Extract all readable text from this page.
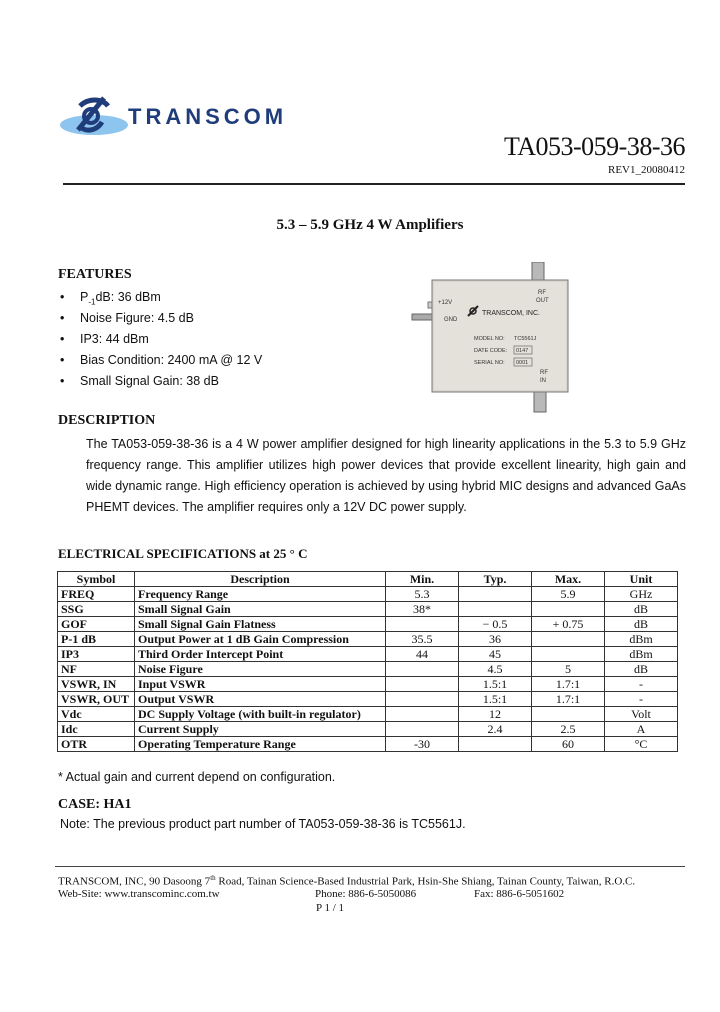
TRANSCOM
TA053-059-38-36
REV1_20080412
5.3 – 5.9 GHz 4 W Amplifiers
FEATURES
• $P_{-1}dB$: 36 dBm
• Noise Figure: 4.5 dB
• IP3: 44 dBm
• Bias Condition: 2400 mA @ 12 V
• Small Signal Gain: 38 dB
+12V
GND
RF
OUT
TRANSCOM, INC.
MODEL NO: TC5561J
DATE CODE: 0147
SERIAL NO: 0001
RF
IN
DESCRIPTION
The TA053-059-38-36 is a 4 W power amplifier designed for high linearity applications in the 5.3 to 5.9 GHz frequency range. This amplifier utilizes high power devices that provide excellent linearity, high gain and wide dynamic range. High efficiency operation is achieved by using hybrid MIC designs and advanced GaAs PHEMT devices. The amplifier requires only a 12V DC power supply.
ELECTRICAL SPECIFICATIONS at 25 ° C
Symbol	Description	Min.	Typ.	Max.	Unit
FREQ	Frequency Range	5.3		5.9	GHz
SSG	Small Signal Gain	38*			dB
GOF	Small Signal Gain Flatness		− 0.5	+ 0.75	dB
P-1 dB	Output Power at 1 dB Gain Compression	35.5	36		dBm
IP3	Third Order Intercept Point	44	45		dBm
NF	Noise Figure		4.5	5	dB
VSWR, IN	Input VSWR		1.5:1	1.7:1	-
VSWR, OUT	Output VSWR		1.5:1	1.7:1	-
Vdc	DC Supply Voltage (with built-in regulator)		12		Volt
Idc	Current Supply		2.4	2.5	A
OTR	Operating Temperature Range	-30		60	°C
* Actual gain and current depend on configuration.
CASE: HA1
Note: The previous product part number of TA053-059-38-36 is TC5561J.
TRANSCOM, INC, 90 Dasoong 7th Road, Tainan Science-Based Industrial Park, Hsin-She Shiang, Tainan County, Taiwan, R.O.C.
Web-Site: www.transcominc.com.tw	Phone: 886-6-5050086	Fax: 886-6-5051602
P 1 / 1
